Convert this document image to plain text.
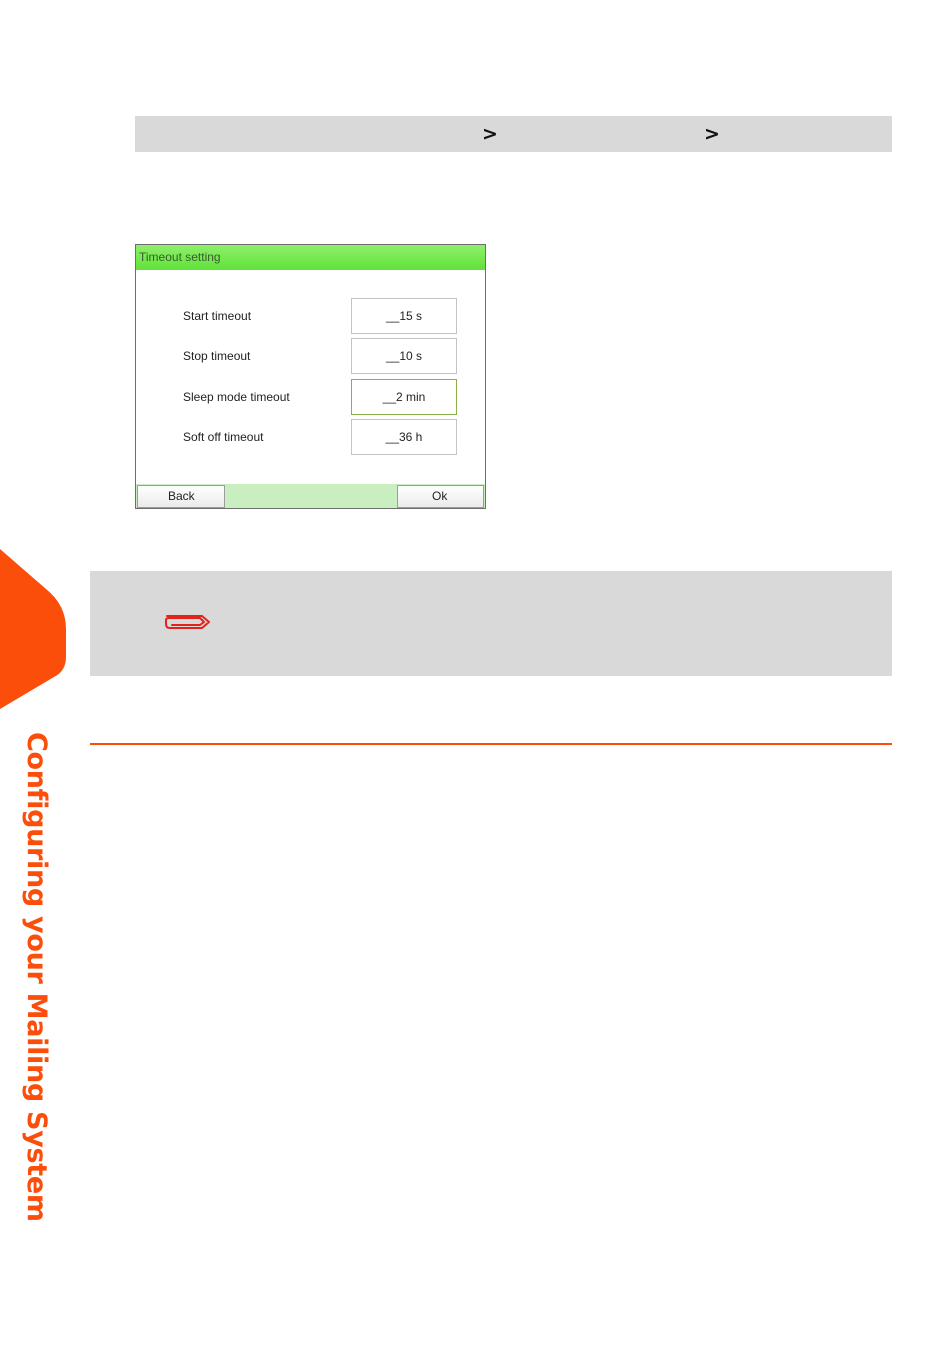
>	>
Timeout setting
Start timeout	__15 s
Stop timeout	__10 s
Sleep mode timeout	__2 min
Soft off timeout	__36 h
Back	Ok
Configuring your Mailing System
